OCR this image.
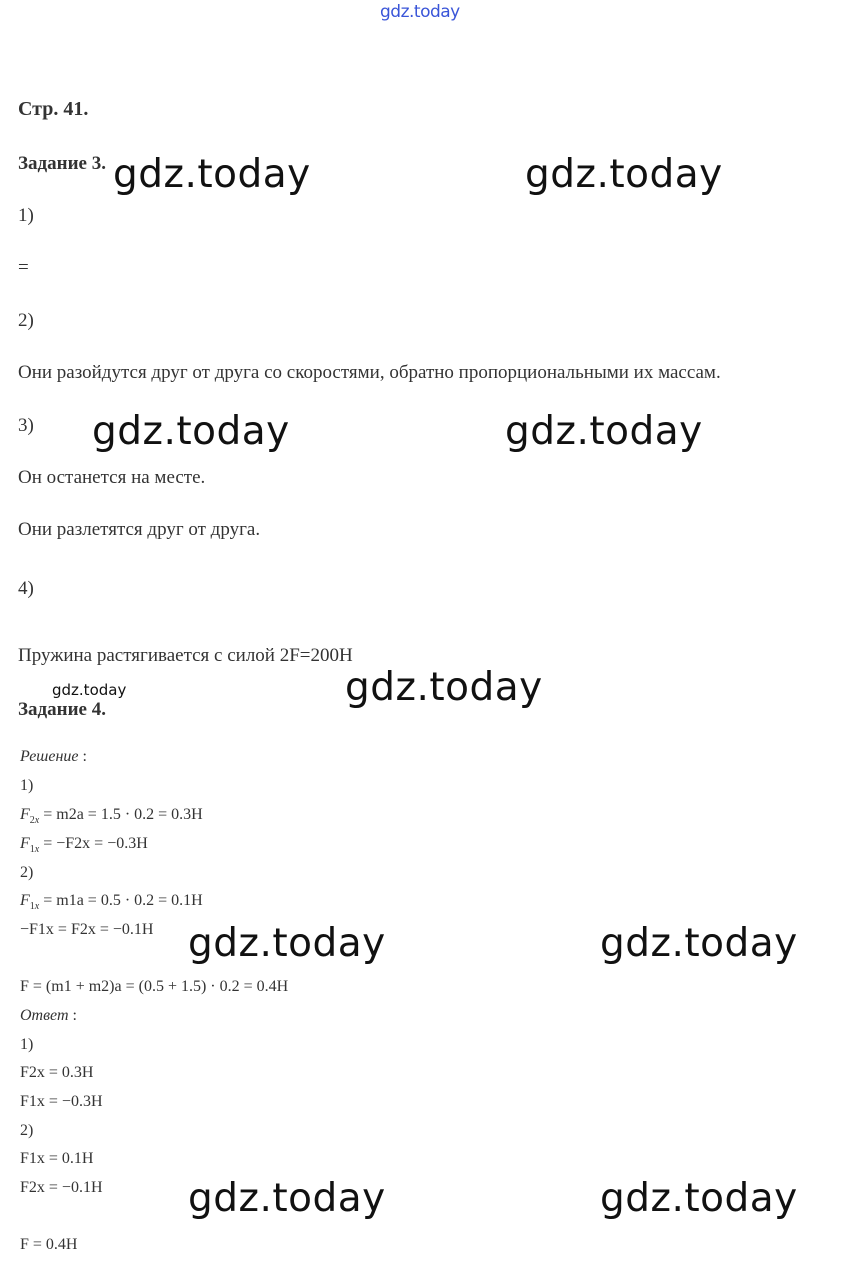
gdz.today
Стр. 41.
Задание 3. gdz.today	gdz.today
1)
=
2)
Они разойдутся друг от друга со скоростями, обратно пропорциональными их массам.
3) gdz.today	gdz.today
Он останется на месте.
Они разлетятся друг от друга.
4)
Пружина растягивается с силой 2F=200H
gdz.today	gdz.today
Задание 4.
Решение :
1)
$F_{2x} = m2a = 1.5 \cdot 0.2 = 0.3H$
$F_{1x} = -F2x = -0.3H$
2)
$F_{1x} = m1a = 0.5 \cdot 0.2 = 0.1H$
−F1x = F2x = −0.1H gdz.today	gdz.today
F = (m1 + m2)a = (0.5 + 1.5) · 0.2 = 0.4H
Ответ :
1)
F2x = 0.3H
F1x = −0.3H
2)
F1x = 0.1H
F2x = −0.1H gdz.today	gdz.today
F = 0.4H
